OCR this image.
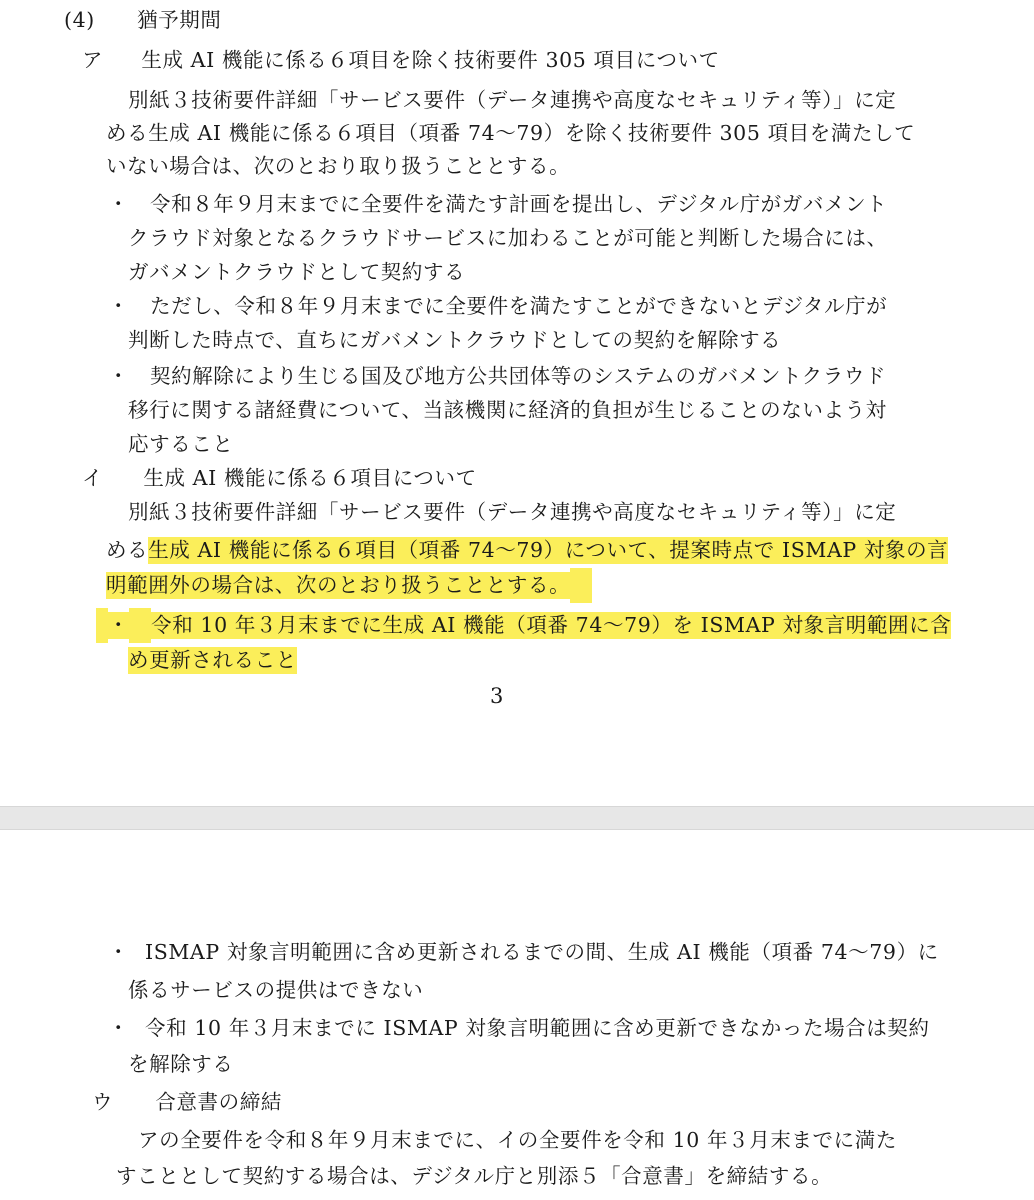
(4) 猶予期間
ア 生成 AI 機能に係る６項目を除く技術要件 305 項目について
別紙３技術要件詳細「サービス要件（データ連携や高度なセキュリティ等）」に定
める生成 AI 機能に係る６項目（項番 74〜79）を除く技術要件 305 項目を満たして
いない場合は、次のとおり取り扱うこととする。
・ 令和８年９月末までに全要件を満たす計画を提出し、デジタル庁がガバメント
クラウド対象となるクラウドサービスに加わることが可能と判断した場合には、
ガバメントクラウドとして契約する
・ ただし、令和８年９月末までに全要件を満たすことができないとデジタル庁が
判断した時点で、直ちにガバメントクラウドとしての契約を解除する
・ 契約解除により生じる国及び地方公共団体等のシステムのガバメントクラウド
移行に関する諸経費について、当該機関に経済的負担が生じることのないよう対
応すること
イ 生成 AI 機能に係る６項目について
別紙３技術要件詳細「サービス要件（データ連携や高度なセキュリティ等）」に定
める生成 AI 機能に係る６項目（項番 74〜79）について、提案時点で ISMAP 対象の言
明範囲外の場合は、次のとおり扱うこととする。
・ 令和 10 年３月末までに生成 AI 機能（項番 74〜79）を ISMAP 対象言明範囲に含
め更新されること
3
・ ISMAP 対象言明範囲に含め更新されるまでの間、生成 AI 機能（項番 74〜79）に
係るサービスの提供はできない
・ 令和 10 年３月末までに ISMAP 対象言明範囲に含め更新できなかった場合は契約
を解除する
ウ 合意書の締結
アの全要件を令和８年９月末までに、イの全要件を令和 10 年３月末までに満た
すこととして契約する場合は、デジタル庁と別添５「合意書」を締結する。
